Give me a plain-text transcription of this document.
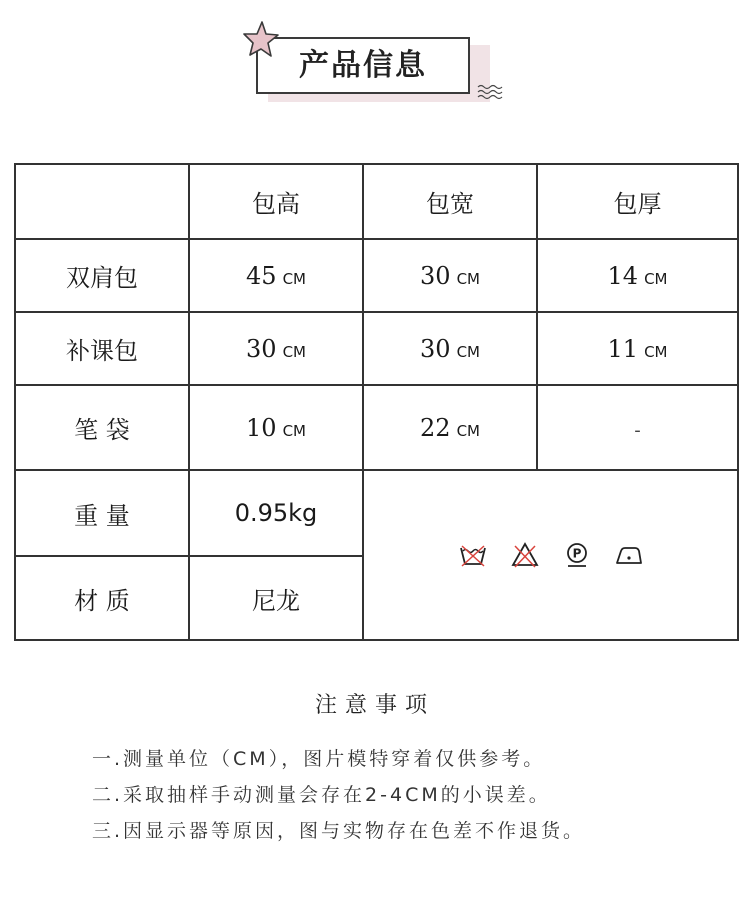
产品信息
	包高	包宽	包厚
双肩包	45 CM	30 CM	14 CM
补课包	30 CM	30 CM	11 CM
笔 袋	10 CM	22 CM	-
重 量	0.95kg	P	

材 质	尼龙		
注意事项
一.测量单位（CM），图片模特穿着仅供参考。
二.采取抽样手动测量会存在2-4CM的小误差。
三.因显示器等原因，图与实物存在色差不作退货。
